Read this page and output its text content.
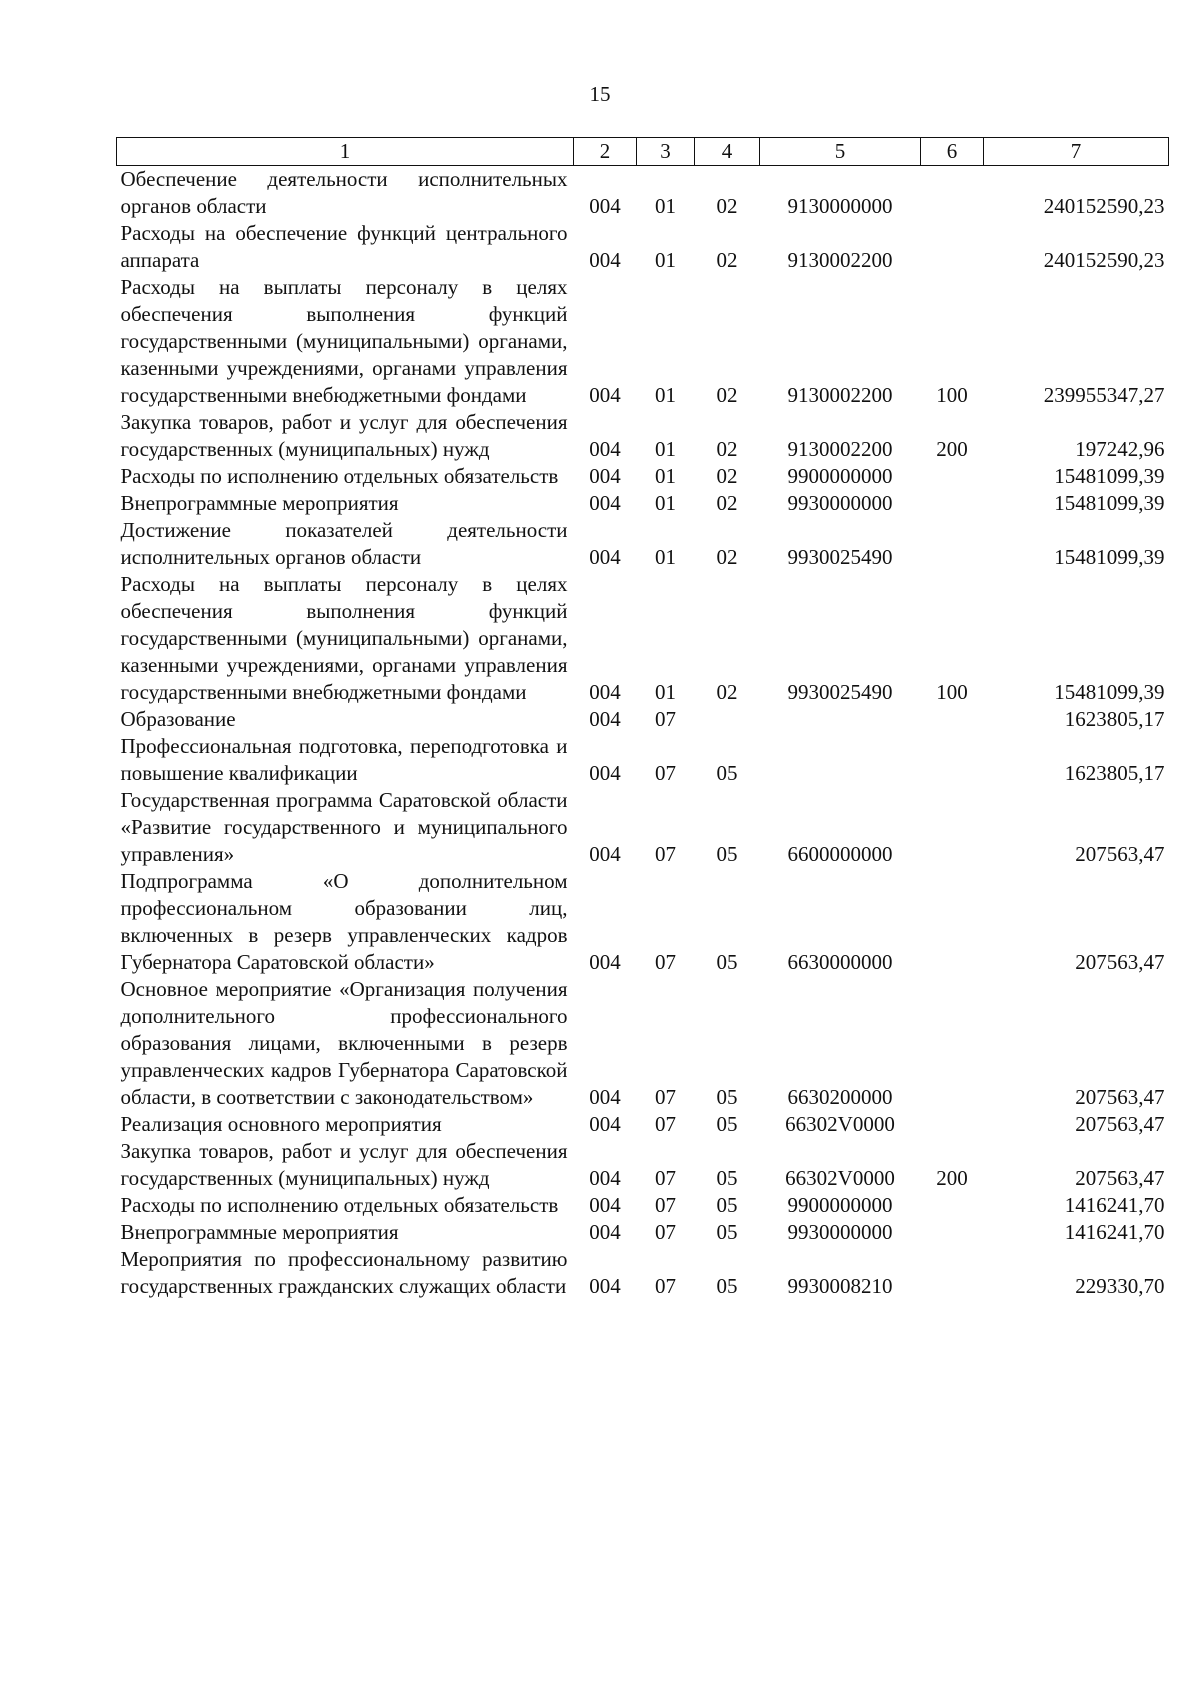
15
1	2	3	4	5	6	7
Обеспечение деятельности исполнительных органов области	004	01	02	9130000000		240152590,23
Расходы на обеспечение функций центрального аппарата	004	01	02	9130002200		240152590,23
Расходы на выплаты персоналу в целях обеспечения выполнения функций государственными (муниципальными) органами, казенными учреждениями, органами управления государственными внебюджетными фондами	004	01	02	9130002200	100	239955347,27
Закупка товаров, работ и услуг для обеспечения государственных (муниципальных) нужд	004	01	02	9130002200	200	197242,96
Расходы по исполнению отдельных обязательств	004	01	02	9900000000		15481099,39
Внепрограммные мероприятия	004	01	02	9930000000		15481099,39
Достижение показателей деятельности исполнительных органов области	004	01	02	9930025490		15481099,39
Расходы на выплаты персоналу в целях обеспечения выполнения функций государственными (муниципальными) органами, казенными учреждениями, органами управления государственными внебюджетными фондами	004	01	02	9930025490	100	15481099,39
Образование	004	07				1623805,17
Профессиональная подготовка, переподготовка и повышение квалификации	004	07	05			1623805,17
Государственная программа Саратовской области «Развитие государственного и муниципального управления»	004	07	05	6600000000		207563,47
Подпрограмма «О дополнительном профессиональном образовании лиц, включенных в резерв управленческих кадров Губернатора Саратовской области»	004	07	05	6630000000		207563,47
Основное мероприятие «Организация получения дополнительного профессионального образования лицами, включенными в резерв управленческих кадров Губернатора Саратовской области, в соответствии с законодательством»	004	07	05	6630200000		207563,47
Реализация основного мероприятия	004	07	05	66302V0000		207563,47
Закупка товаров, работ и услуг для обеспечения государственных (муниципальных) нужд	004	07	05	66302V0000	200	207563,47
Расходы по исполнению отдельных обязательств	004	07	05	9900000000		1416241,70
Внепрограммные мероприятия	004	07	05	9930000000		1416241,70
Мероприятия по профессиональному развитию государственных гражданских служащих области	004	07	05	9930008210		229330,70
